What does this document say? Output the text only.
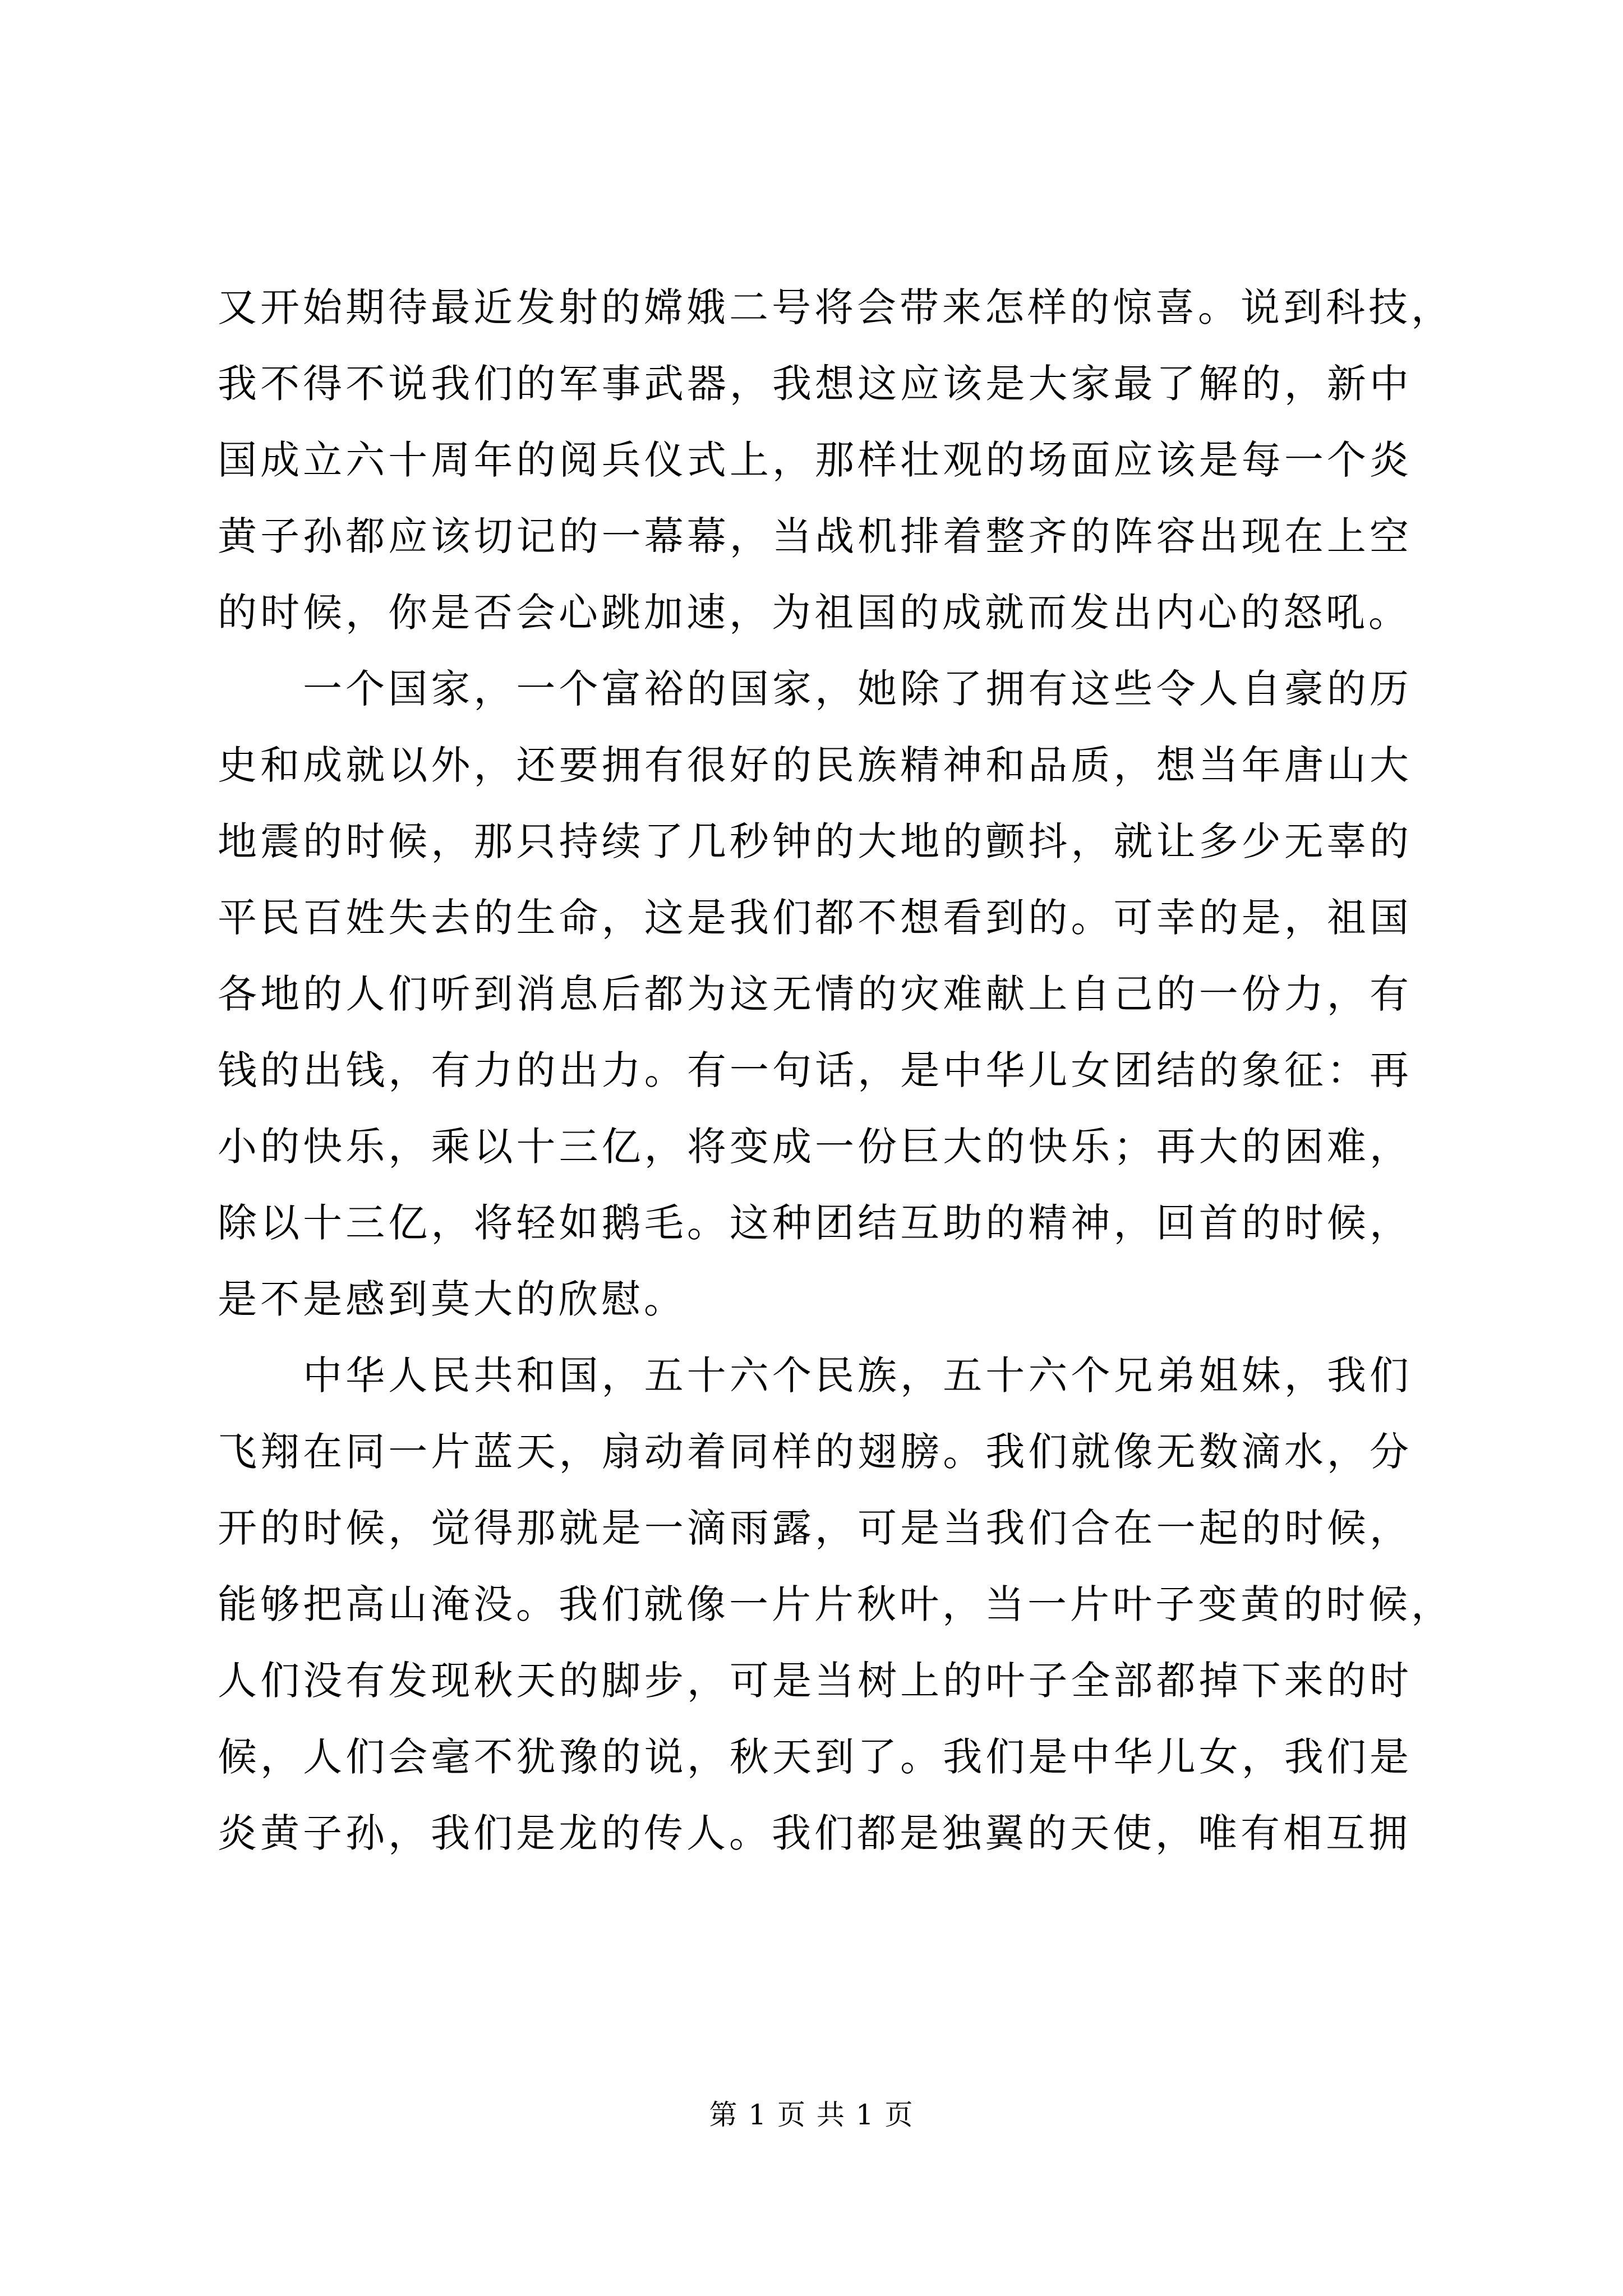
又开始期待最近发射的嫦娥二号将会带来怎样的惊喜。说到科技，
我不得不说我们的军事武器，我想这应该是大家最了解的，新中
国成立六十周年的阅兵仪式上，那样壮观的场面应该是每一个炎
黄子孙都应该切记的一幕幕，当战机排着整齐的阵容出现在上空
的时候，你是否会心跳加速，为祖国的成就而发出内心的怒吼。
一个国家，一个富裕的国家，她除了拥有这些令人自豪的历
史和成就以外，还要拥有很好的民族精神和品质，想当年唐山大
地震的时候，那只持续了几秒钟的大地的颤抖，就让多少无辜的
平民百姓失去的生命，这是我们都不想看到的。可幸的是，祖国
各地的人们听到消息后都为这无情的灾难献上自己的一份力，有
钱的出钱，有力的出力。有一句话，是中华儿女团结的象征：再
小的快乐，乘以十三亿，将变成一份巨大的快乐；再大的困难，
除以十三亿，将轻如鹅毛。这种团结互助的精神，回首的时候，
是不是感到莫大的欣慰。
中华人民共和国，五十六个民族，五十六个兄弟姐妹，我们
飞翔在同一片蓝天，扇动着同样的翅膀。我们就像无数滴水，分
开的时候，觉得那就是一滴雨露，可是当我们合在一起的时候，
能够把高山淹没。我们就像一片片秋叶，当一片叶子变黄的时候，
人们没有发现秋天的脚步，可是当树上的叶子全部都掉下来的时
候，人们会毫不犹豫的说，秋天到了。我们是中华儿女，我们是
炎黄子孙，我们是龙的传人。我们都是独翼的天使，唯有相互拥
第 1 页 共 1 页
